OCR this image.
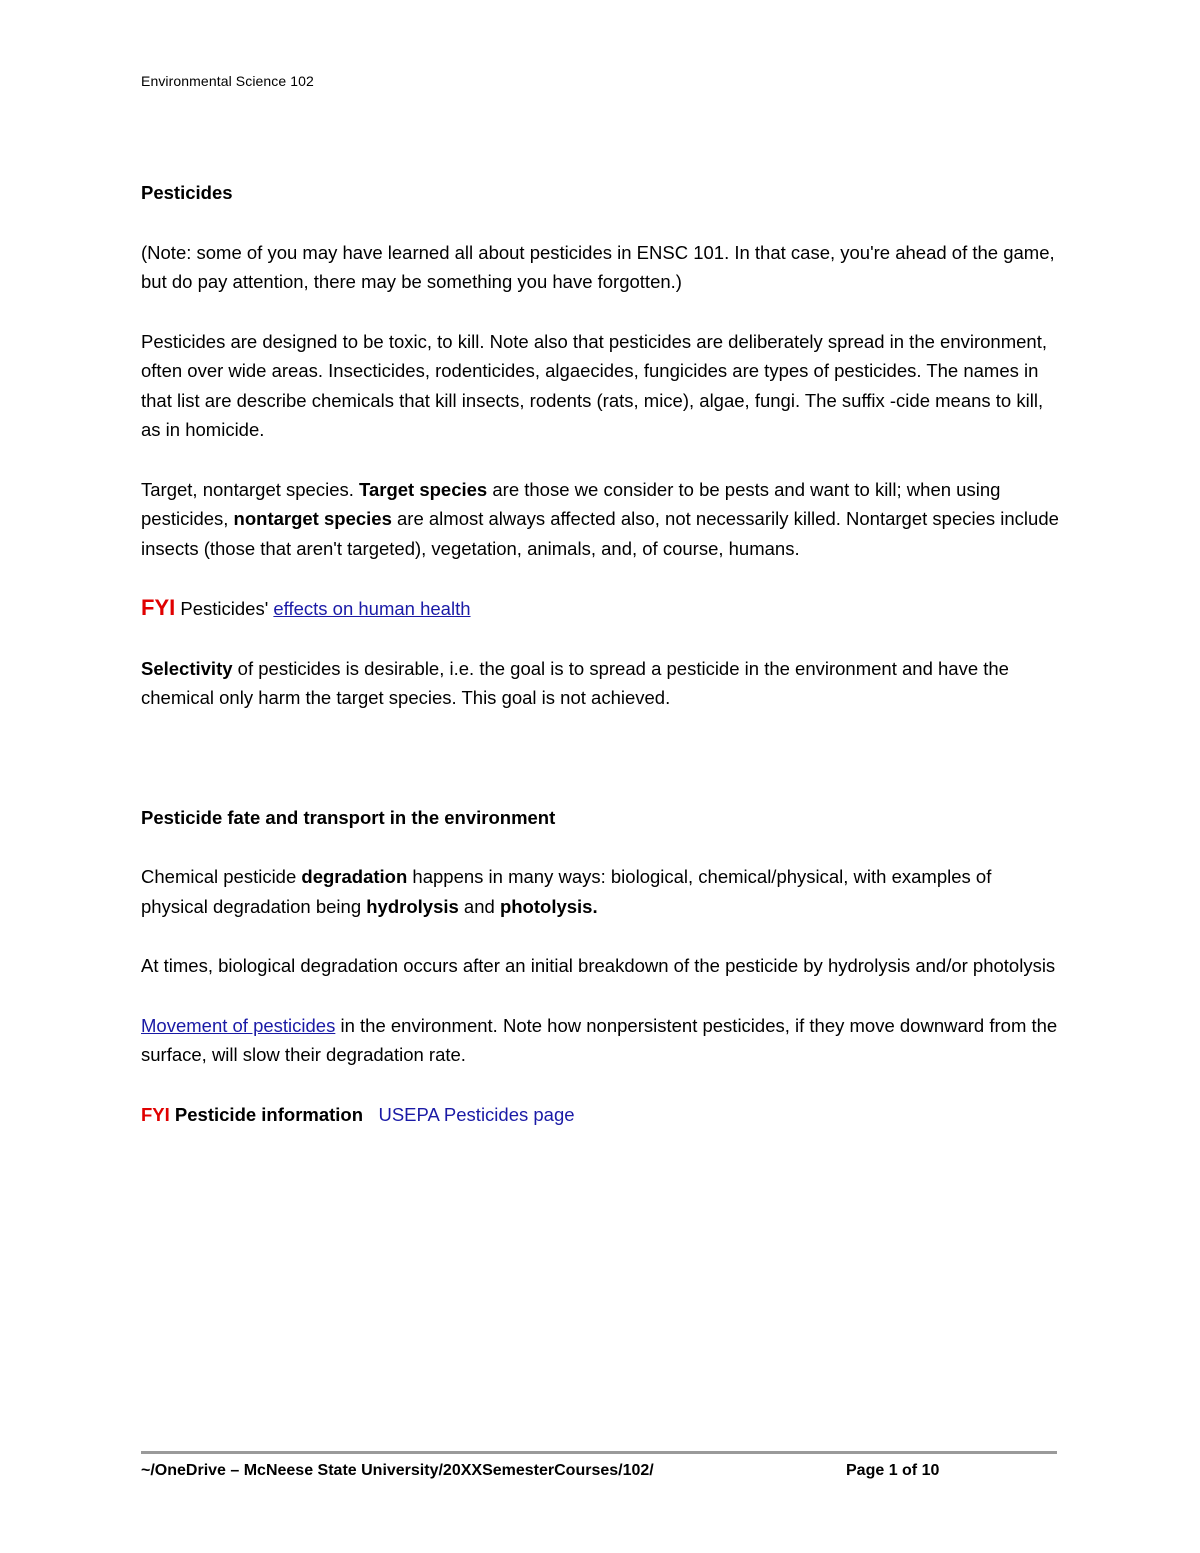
Environmental Science 102
Pesticides

(Note: some of you may have learned all about pesticides in ENSC 101. In that case, you're ahead of the game, but do pay attention, there may be something you have forgotten.)

Pesticides are designed to be toxic, to kill. Note also that pesticides are deliberately spread in the environment, often over wide areas. Insecticides, rodenticides, algaecides, fungicides are types of pesticides. The names in that list are describe chemicals that kill insects, rodents (rats, mice), algae, fungi. The suffix -cide means to kill, as in homicide.

Target, nontarget species. Target species are those we consider to be pests and want to kill; when using pesticides, nontarget species are almost always affected also, not necessarily killed. Nontarget species include insects (those that aren't targeted), vegetation, animals, and, of course, humans.

FYI Pesticides' effects on human health

Selectivity of pesticides is desirable, i.e. the goal is to spread a pesticide in the environment and have the chemical only harm the target species. This goal is not achieved.

Pesticide fate and transport in the environment

Chemical pesticide degradation happens in many ways: biological, chemical/physical, with examples of physical degradation being hydrolysis and photolysis.

At times, biological degradation occurs after an initial breakdown of the pesticide by hydrolysis and/or photolysis

Movement of pesticides in the environment. Note how nonpersistent pesticides, if they move downward from the surface, will slow their degradation rate.

FYI Pesticide information   USEPA Pesticides page

~/OneDrive – McNeese State University/20XXSemesterCourses/102/	Page 1 of 10
